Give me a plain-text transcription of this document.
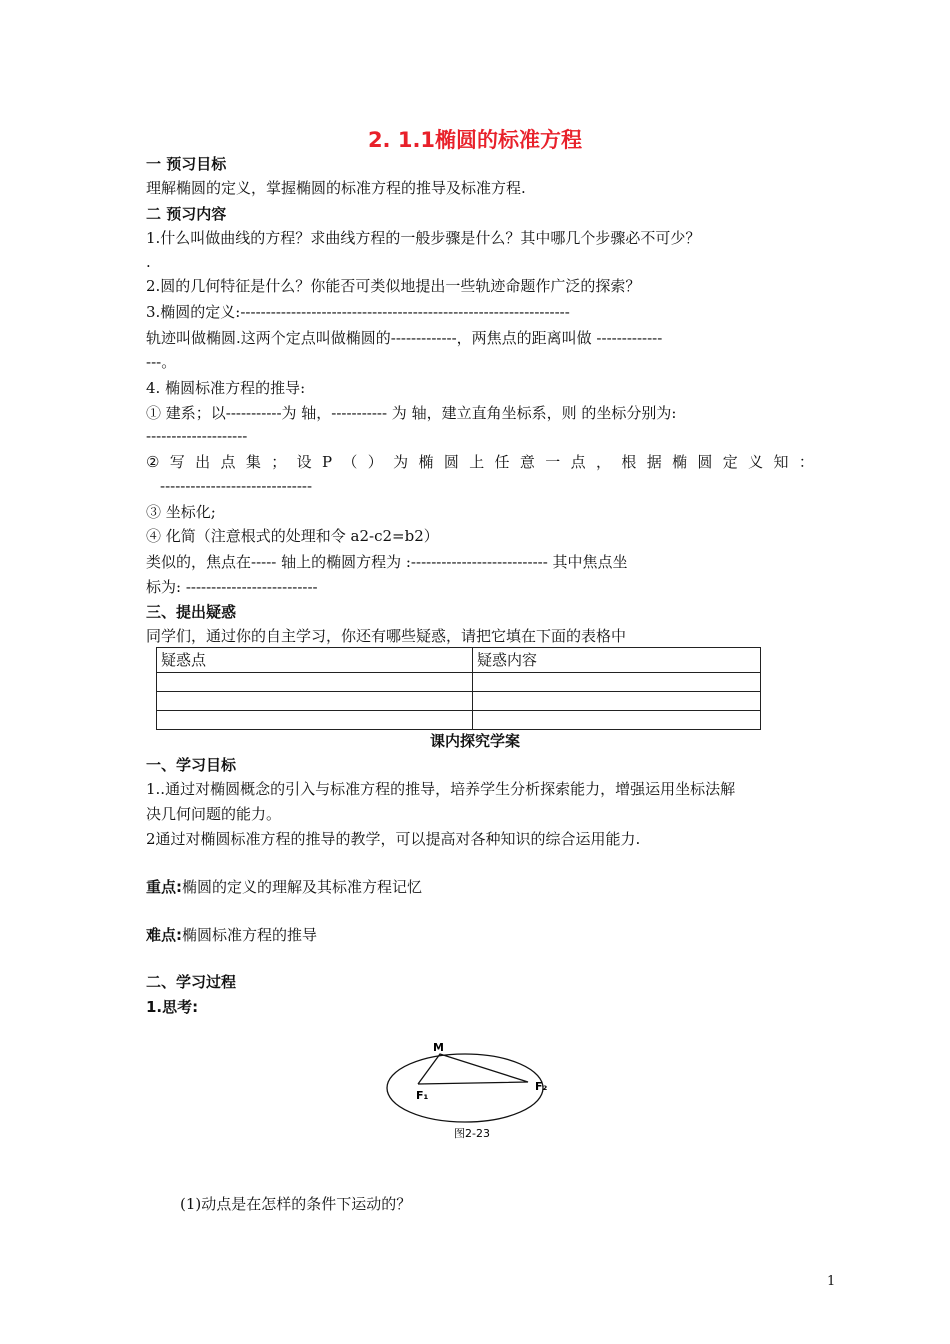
2. 1.1椭圆的标准方程
一 预习目标
理解椭圆的定义，掌握椭圆的标准方程的推导及标准方程.
二 预习内容
1.什么叫做曲线的方程？求曲线方程的一般步骤是什么？其中哪几个步骤必不可少？
.
2.圆的几何特征是什么？你能否可类似地提出一些轨迹命题作广泛的探索？
3.椭圆的定义:-----------------------------------------------------------------
轨迹叫做椭圆.这两个定点叫做椭圆的-------------，两焦点的距离叫做 -------------
---。
4. 椭圆标准方程的推导:
① 建系；以-----------为 轴，----------- 为 轴，建立直角坐标系，则 的坐标分别为:
--------------------
② 写 出 点 集 ； 设 P （ ） 为 椭 圆 上 任 意 一 点 ， 根 据 椭 圆 定 义 知 ：
------------------------------
③ 坐标化;
④ 化简（注意根式的处理和令 a2-c2=b2）
类似的，焦点在----- 轴上的椭圆方程为 :--------------------------- 其中焦点坐
标为: --------------------------
三、提出疑惑
同学们，通过你的自主学习，你还有哪些疑惑，请把它填在下面的表格中
疑惑点	疑惑内容

课内探究学案
一、学习目标
1..通过对椭圆概念的引入与标准方程的推导，培养学生分析探索能力，增强运用坐标法解
决几何问题的能力。
2通过对椭圆标准方程的推导的教学，可以提高对各种知识的综合运用能力.
重点:椭圆的定义的理解及其标准方程记忆
难点:椭圆标准方程的推导
二、学习过程
1.思考:
M
F₁
F₂
图2-23
(1)动点是在怎样的条件下运动的？
1
